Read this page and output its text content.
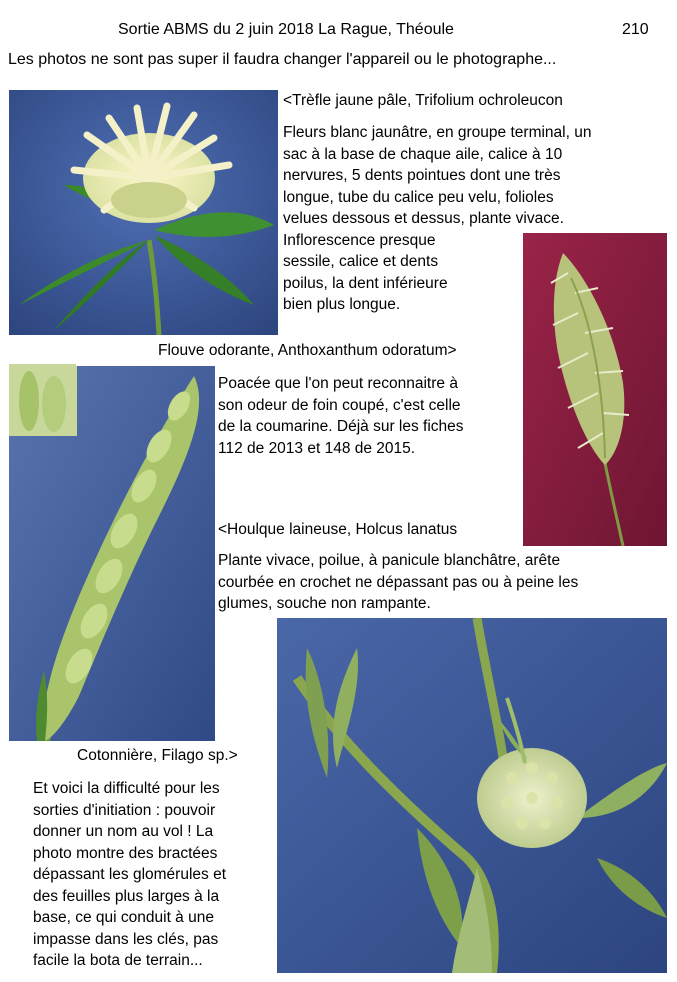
Sortie ABMS du 2 juin 2018 La Rague, Théoule	210
Les photos ne sont pas super il faudra changer l'appareil ou le photographe...
<Trèfle jaune pâle, Trifolium ochroleucon
Fleurs blanc jaunâtre, en groupe terminal, un
sac à la base de chaque aile, calice à 10
nervures, 5 dents pointues dont une très
longue, tube du calice peu velu, folioles
velues dessous et dessus, plante vivace.
Inflorescence presque
sessile, calice et dents
poilus, la dent inférieure
bien plus longue.
Flouve odorante, Anthoxanthum odoratum>
Poacée que l'on peut reconnaitre à
son odeur de foin coupé, c'est celle
de la coumarine. Déjà sur les fiches
112 de 2013 et 148 de 2015.
<Houlque laineuse, Holcus lanatus
Plante vivace, poilue, à panicule blanchâtre, arête
courbée en crochet ne dépassant pas ou à peine les
glumes, souche non rampante.
Cotonnière, Filago sp.>
Et voici la difficulté pour les
sorties d'initiation : pouvoir
donner un nom au vol ! La
photo montre des bractées
dépassant les glomérules et
des feuilles plus larges à la
base, ce qui conduit à une
impasse dans les clés, pas
facile la bota de terrain...
